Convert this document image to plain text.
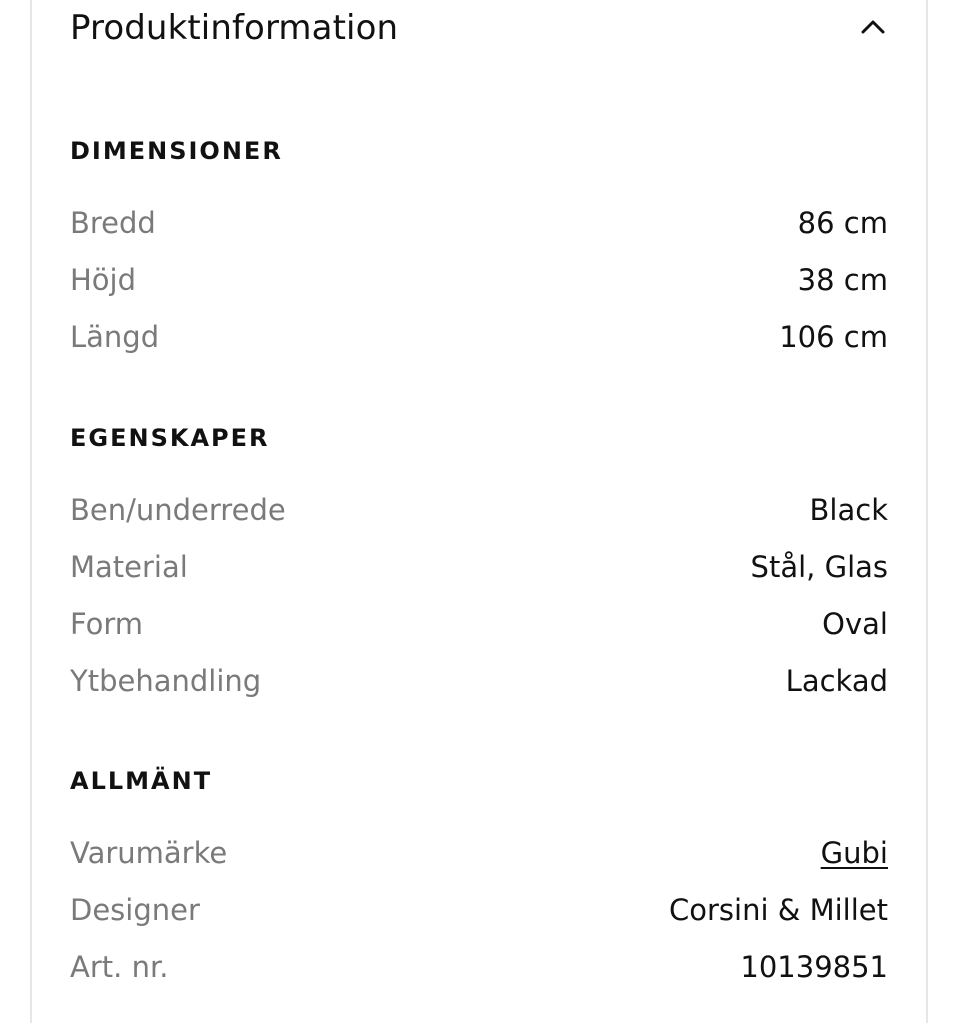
Produktinformation
DIMENSIONER
Bredd	86 cm
Höjd	38 cm
Längd	106 cm
EGENSKAPER
Ben/underrede	Black
Material	Stål, Glas
Form	Oval
Ytbehandling	Lackad
ALLMÄNT
Varumärke	Gubi
Designer	Corsini & Millet
Art. nr.	10139851
